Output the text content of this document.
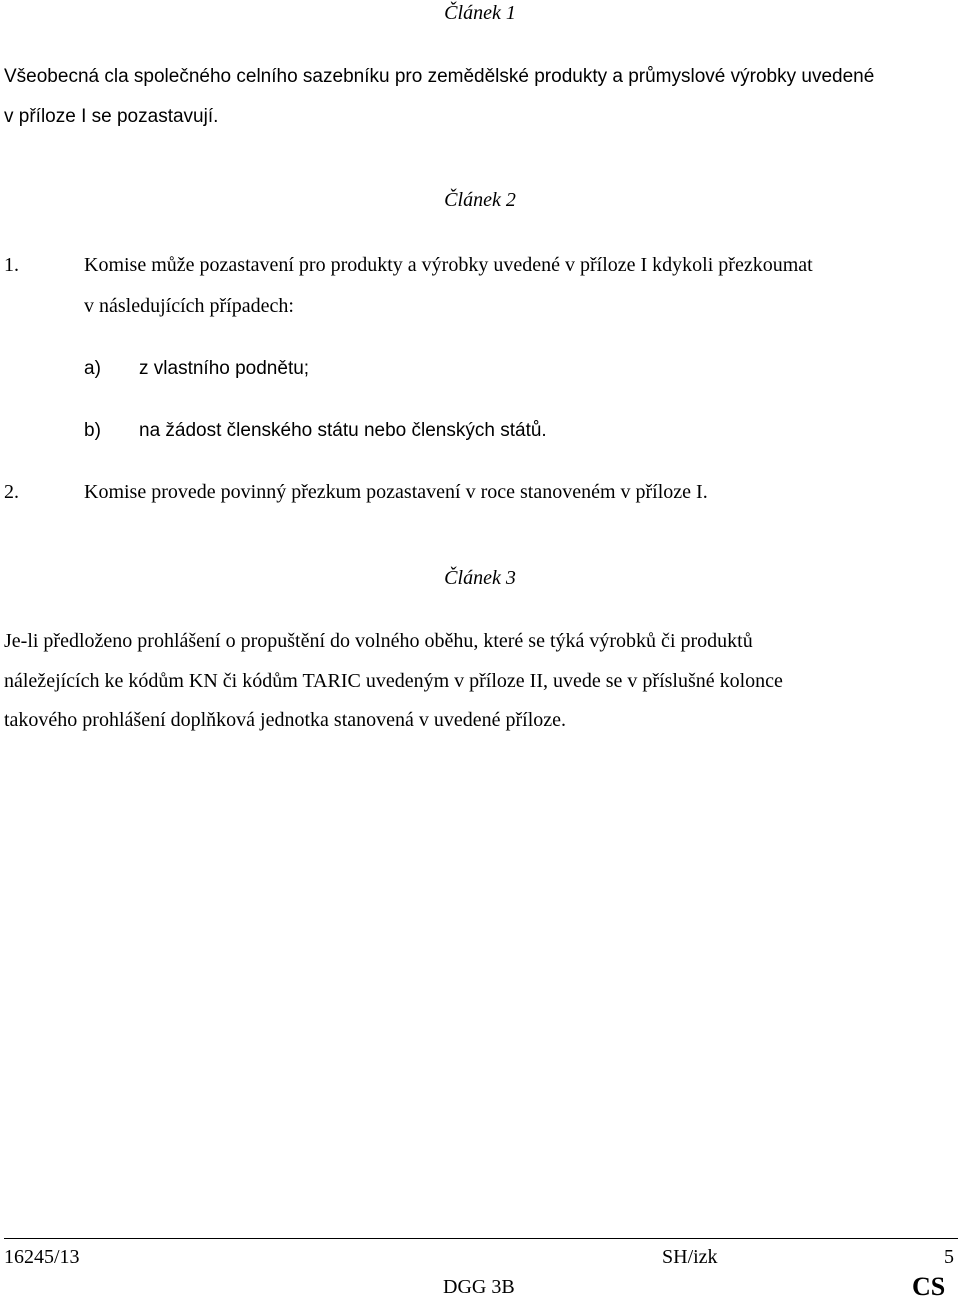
Článek 1
Všeobecná cla společného celního sazebníku pro zemědělské produkty a průmyslové výrobky uvedené
v příloze I se pozastavují.
Článek 2
1.	Komise může pozastavení pro produkty a výrobky uvedené v příloze I kdykoli přezkoumat
v následujících případech:
a) z vlastního podnětu;
b) na žádost členského státu nebo členských států.
2.	Komise provede povinný přezkum pozastavení v roce stanoveném v příloze I.
Článek 3
Je-li předloženo prohlášení o propuštění do volného oběhu, které se týká výrobků či produktů
náležejících ke kódům KN či kódům TARIC uvedeným v příloze II, uvede se v příslušné kolonce
takového prohlášení doplňková jednotka stanovená v uvedené příloze.
16245/13	SH/izk	5
DGG 3B	CS
